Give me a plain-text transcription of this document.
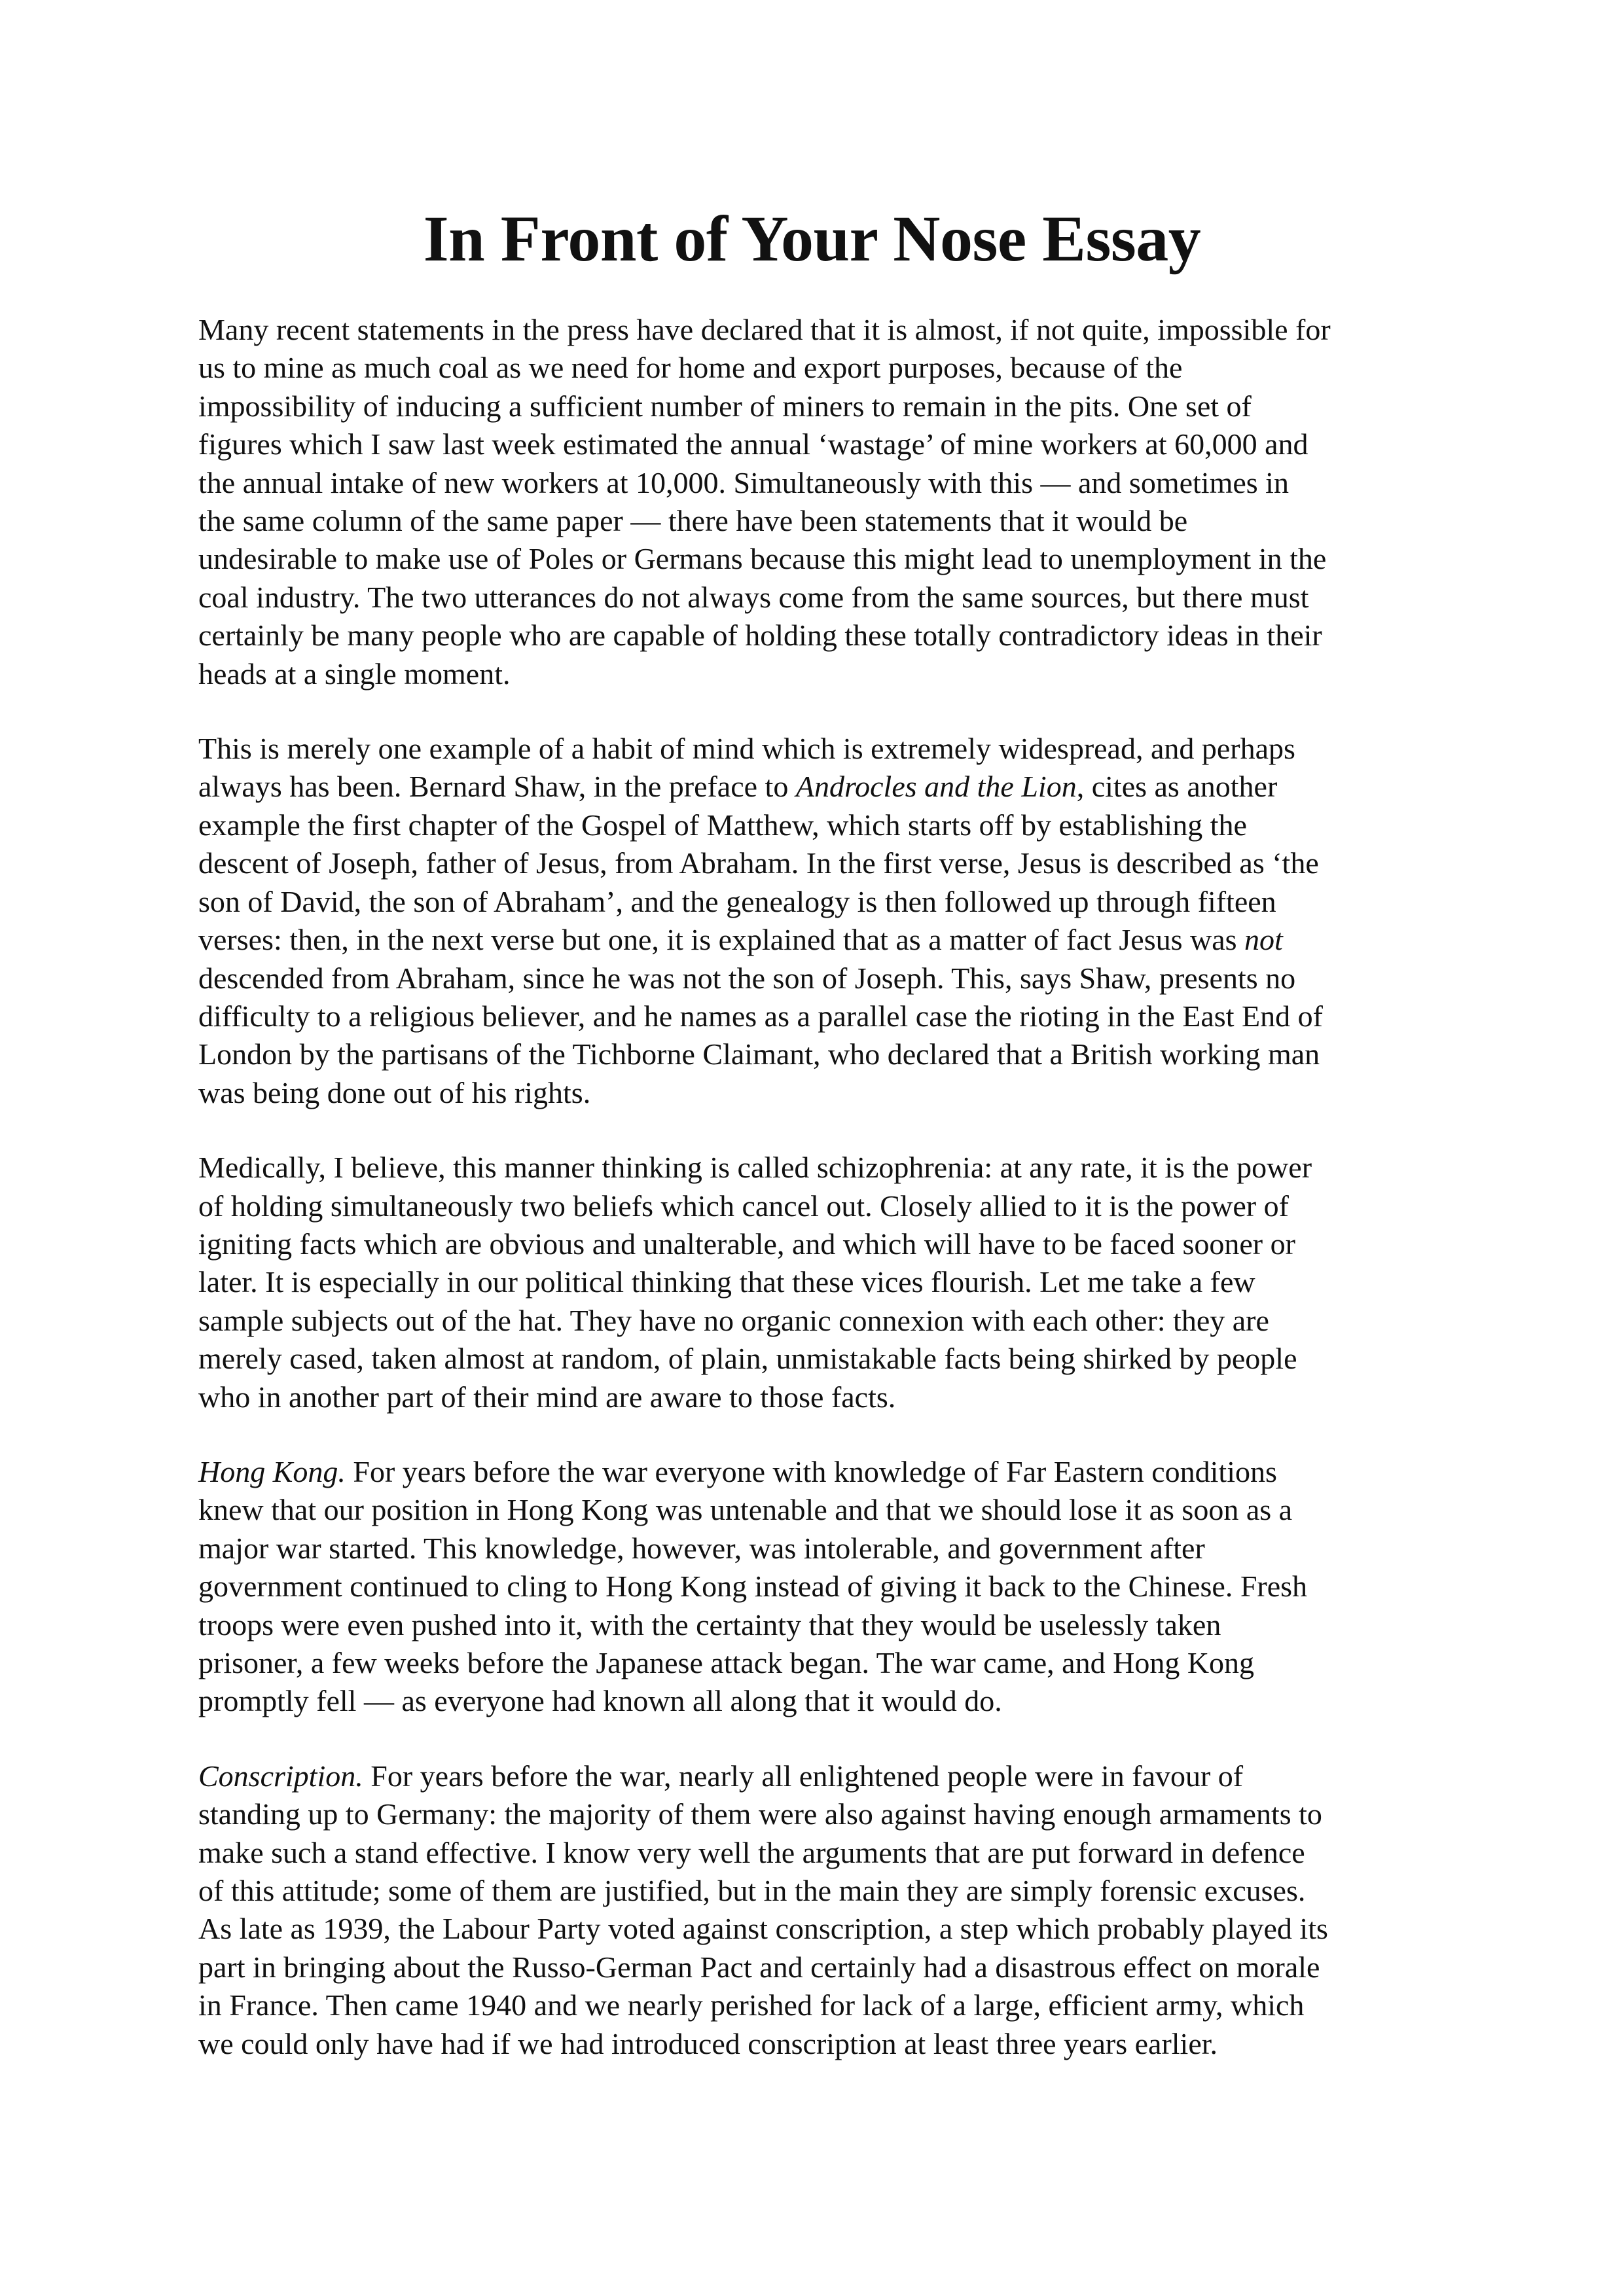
In Front of Your Nose Essay

Many recent statements in the press have declared that it is almost, if not quite, impossible for
us to mine as much coal as we need for home and export purposes, because of the
impossibility of inducing a sufficient number of miners to remain in the pits. One set of
figures which I saw last week estimated the annual ‘wastage’ of mine workers at 60,000 and
the annual intake of new workers at 10,000. Simultaneously with this — and sometimes in
the same column of the same paper — there have been statements that it would be
undesirable to make use of Poles or Germans because this might lead to unemployment in the
coal industry. The two utterances do not always come from the same sources, but there must
certainly be many people who are capable of holding these totally contradictory ideas in their
heads at a single moment.

This is merely one example of a habit of mind which is extremely widespread, and perhaps
always has been. Bernard Shaw, in the preface to Androcles and the Lion, cites as another
example the first chapter of the Gospel of Matthew, which starts off by establishing the
descent of Joseph, father of Jesus, from Abraham. In the first verse, Jesus is described as ‘the
son of David, the son of Abraham’, and the genealogy is then followed up through fifteen
verses: then, in the next verse but one, it is explained that as a matter of fact Jesus was not
descended from Abraham, since he was not the son of Joseph. This, says Shaw, presents no
difficulty to a religious believer, and he names as a parallel case the rioting in the East End of
London by the partisans of the Tichborne Claimant, who declared that a British working man
was being done out of his rights.

Medically, I believe, this manner thinking is called schizophrenia: at any rate, it is the power
of holding simultaneously two beliefs which cancel out. Closely allied to it is the power of
igniting facts which are obvious and unalterable, and which will have to be faced sooner or
later. It is especially in our political thinking that these vices flourish. Let me take a few
sample subjects out of the hat. They have no organic connexion with each other: they are
merely cased, taken almost at random, of plain, unmistakable facts being shirked by people
who in another part of their mind are aware to those facts.

Hong Kong. For years before the war everyone with knowledge of Far Eastern conditions
knew that our position in Hong Kong was untenable and that we should lose it as soon as a
major war started. This knowledge, however, was intolerable, and government after
government continued to cling to Hong Kong instead of giving it back to the Chinese. Fresh
troops were even pushed into it, with the certainty that they would be uselessly taken
prisoner, a few weeks before the Japanese attack began. The war came, and Hong Kong
promptly fell — as everyone had known all along that it would do.

Conscription. For years before the war, nearly all enlightened people were in favour of
standing up to Germany: the majority of them were also against having enough armaments to
make such a stand effective. I know very well the arguments that are put forward in defence
of this attitude; some of them are justified, but in the main they are simply forensic excuses.
As late as 1939, the Labour Party voted against conscription, a step which probably played its
part in bringing about the Russo-German Pact and certainly had a disastrous effect on morale
in France. Then came 1940 and we nearly perished for lack of a large, efficient army, which
we could only have had if we had introduced conscription at least three years earlier.
